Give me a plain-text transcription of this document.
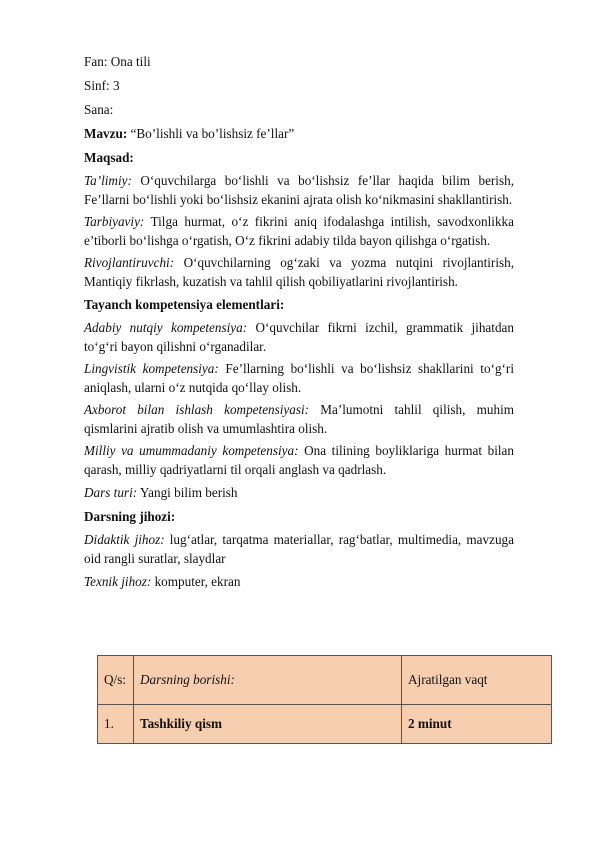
Fan: Ona tili
Sinf: 3
Sana:
Mavzu: “Bo’lishli va bo’lishsiz fe’llar”
Maqsad:
Ta’limiy: O‘quvchilarga bo‘lishli va bo‘lishsiz fe’llar haqida bilim berish, Fe’llarni bo‘lishli yoki bo‘lishsiz ekanini ajrata olish ko‘nikmasini shakllantirish.
Tarbiyaviy: Tilga hurmat, o‘z fikrini aniq ifodalashga intilish, savodxonlikka e’tiborli bo‘lishga o‘rgatish, O‘z fikrini adabiy tilda bayon qilishga o‘rgatish.
Rivojlantiruvchi: O‘quvchilarning og‘zaki va yozma nutqini rivojlantirish, Mantiqiy fikrlash, kuzatish va tahlil qilish qobiliyatlarini rivojlantirish.
Tayanch kompetensiya elementlari:
Adabiy nutqiy kompetensiya: O‘quvchilar fikrni izchil, grammatik jihatdan to‘g‘ri bayon qilishni o‘rganadilar.
Lingvistik kompetensiya: Fe’llarning bo‘lishli va bo‘lishsiz shakllarini to‘g‘ri aniqlash, ularni o‘z nutqida qo‘llay olish.
Axborot bilan ishlash kompetensiyasi: Ma’lumotni tahlil qilish, muhim qismlarini ajratib olish va umumlashtira olish.
Milliy va umummadaniy kompetensiya: Ona tilining boyliklariga hurmat bilan qarash, milliy qadriyatlarni til orqali anglash va qadrlash.
Dars turi: Yangi bilim berish
Darsning jihozi:
Didaktik jihoz: lug‘atlar, tarqatma materiallar, rag‘batlar, multimedia, mavzuga oid rangli suratlar, slaydlar
Texnik jihoz: komputer, ekran
Q/s:	Darsning borishi:	Ajratilgan vaqt
1.	Tashkiliy qism	2 minut
